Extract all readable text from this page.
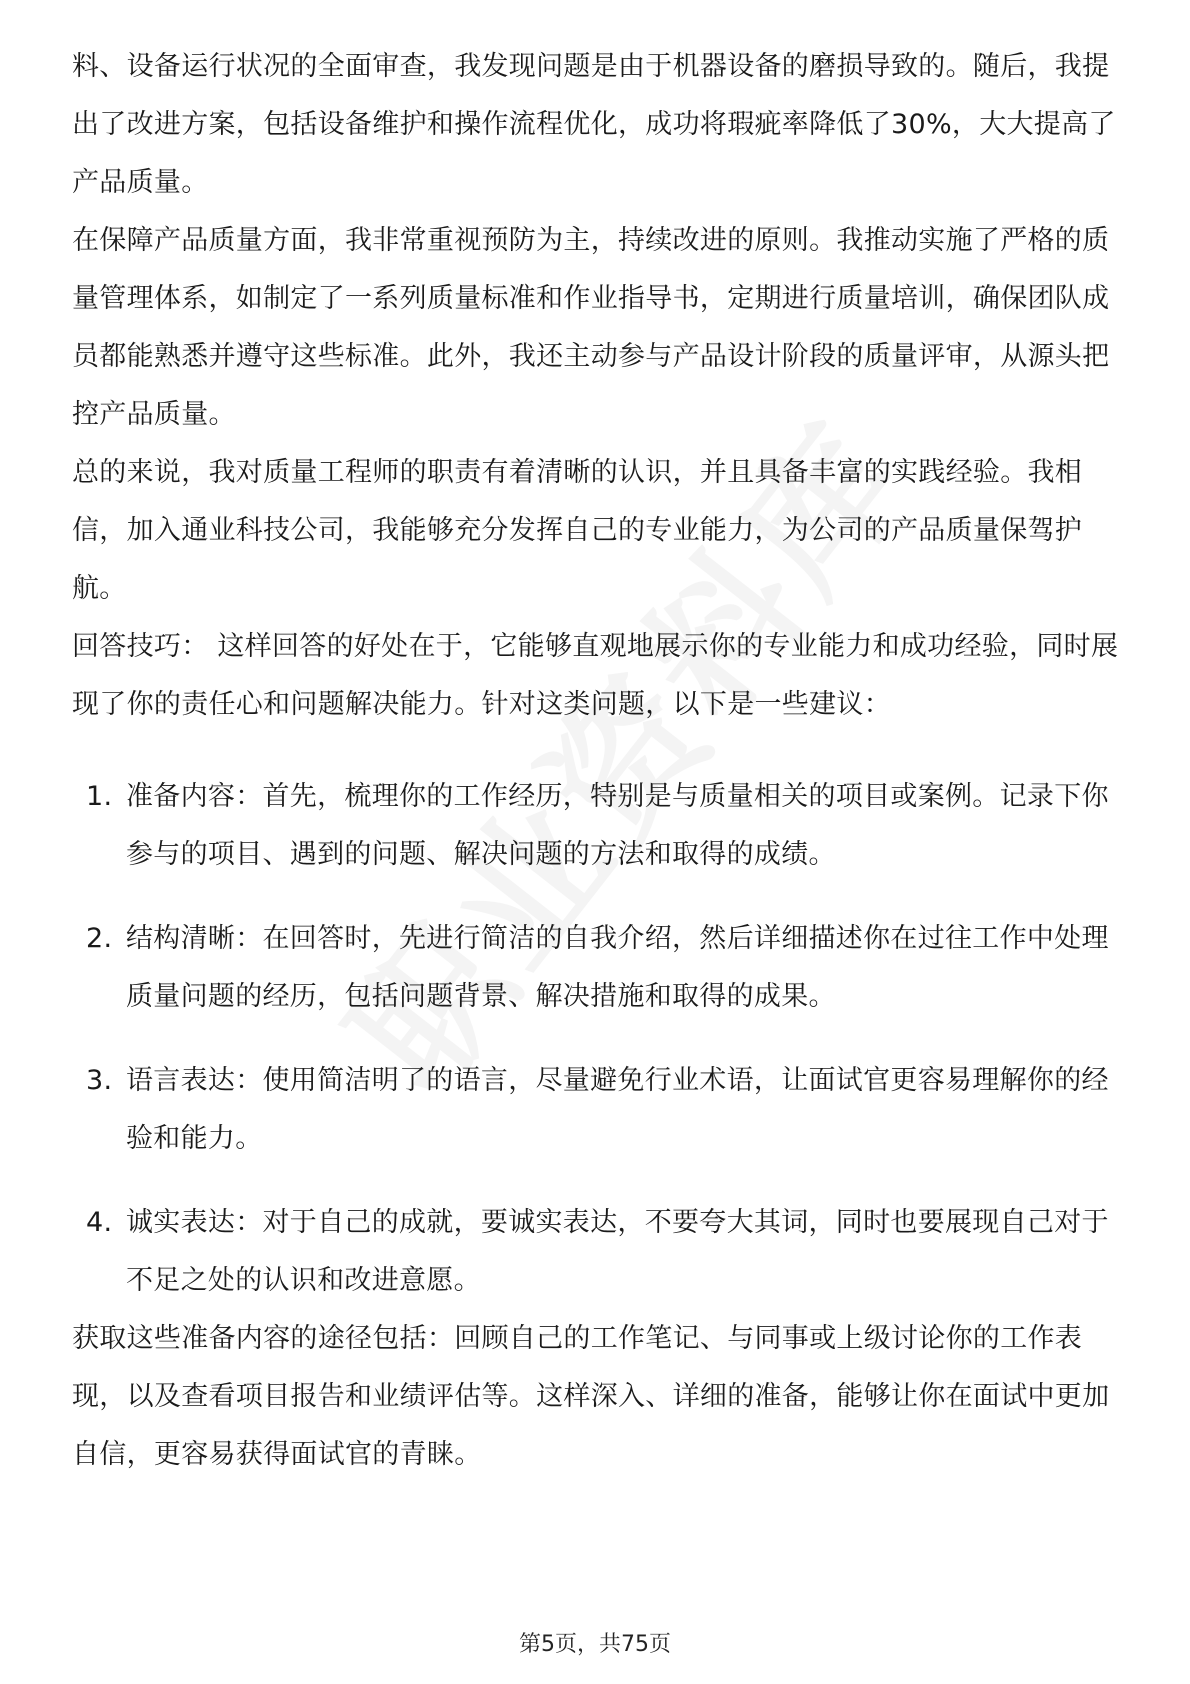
料、设备运行状况的全面审查，我发现问题是由于机器设备的磨损导致的。随后，我提出了改进方案，包括设备维护和操作流程优化，成功将瑕疵率降低了30%，大大提高了产品质量。

在保障产品质量方面，我非常重视预防为主，持续改进的原则。我推动实施了严格的质量管理体系，如制定了一系列质量标准和作业指导书，定期进行质量培训，确保团队成员都能熟悉并遵守这些标准。此外，我还主动参与产品设计阶段的质量评审，从源头把控产品质量。

总的来说，我对质量工程师的职责有着清晰的认识，并且具备丰富的实践经验。我相信，加入通业科技公司，我能够充分发挥自己的专业能力，为公司的产品质量保驾护航。

回答技巧： 这样回答的好处在于，它能够直观地展示你的专业能力和成功经验，同时展现了你的责任心和问题解决能力。针对这类问题，以下是一些建议：

1. 准备内容：首先，梳理你的工作经历，特别是与质量相关的项目或案例。记录下你参与的项目、遇到的问题、解决问题的方法和取得的成绩。
2. 结构清晰：在回答时，先进行简洁的自我介绍，然后详细描述你在过往工作中处理质量问题的经历，包括问题背景、解决措施和取得的成果。
3. 语言表达：使用简洁明了的语言，尽量避免行业术语，让面试官更容易理解你的经验和能力。
4. 诚实表达：对于自己的成就，要诚实表达，不要夸大其词，同时也要展现自己对于不足之处的认识和改进意愿。

获取这些准备内容的途径包括：回顾自己的工作笔记、与同事或上级讨论你的工作表现，以及查看项目报告和业绩评估等。这样深入、详细的准备，能够让你在面试中更加自信，更容易获得面试官的青睐。

第5页，共75页
